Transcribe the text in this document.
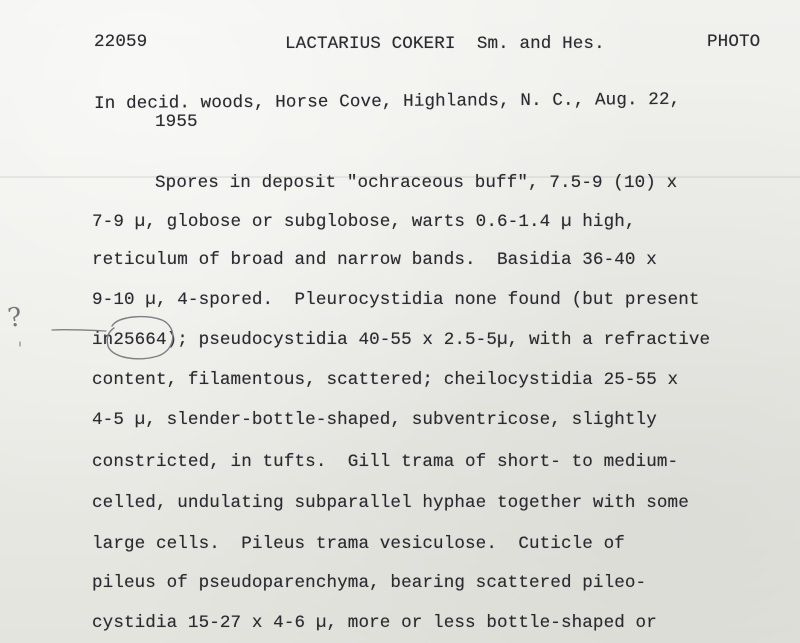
22059	LACTARIUS COKERI  Sm. and Hes.	PHOTO
In decid. woods, Horse Cove, Highlands, N. C., Aug. 22,
1955
Spores in deposit "ochraceous buff", 7.5-9 (10) x
7-9 µ, globose or subglobose, warts 0.6-1.4 µ high,
reticulum of broad and narrow bands.  Basidia 36-40 x
9-10 µ, 4-spored.  Pleurocystidia none found (but present
in25664); pseudocystidia 40-55 x 2.5-5µ, with a refractive
content, filamentous, scattered; cheilocystidia 25-55 x
4-5 µ, slender-bottle-shaped, subventricose, slightly
constricted, in tufts.  Gill trama of short- to medium-
celled, undulating subparallel hyphae together with some
large cells.  Pileus trama vesiculose.  Cuticle of
pileus of pseudoparenchyma, bearing scattered pileo-
cystidia 15-27 x 4-6 µ, more or less bottle-shaped or
?
